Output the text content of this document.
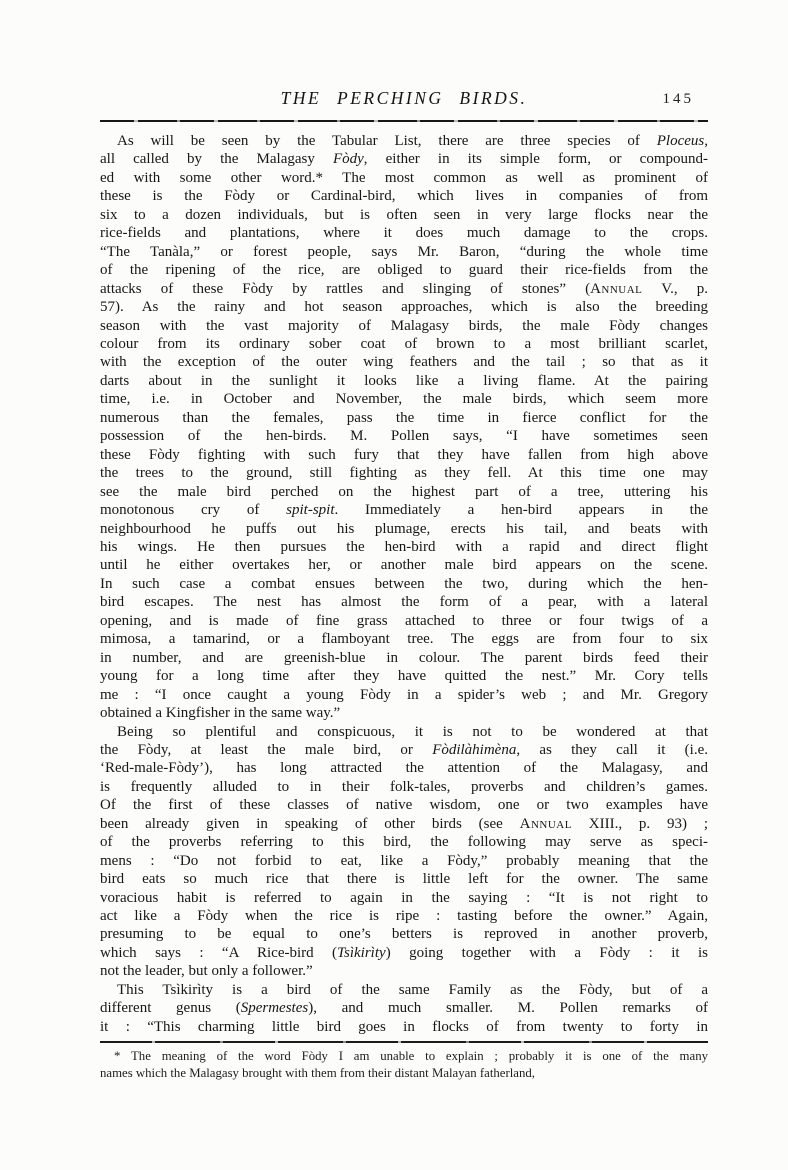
THE PERCHING BIRDS.	145
As will be seen by the Tabular List, there are three species of Ploceus,
all called by the Malagasy Fòdy, either in its simple form, or compound-
ed with some other word.* The most common as well as prominent of
these is the Fòdy or Cardinal-bird, which lives in companies of from
six to a dozen individuals, but is often seen in very large flocks near the
rice-fields and plantations, where it does much damage to the crops.
“The Tanàla,” or forest people, says Mr. Baron, “during the whole time
of the ripening of the rice, are obliged to guard their rice-fields from the
attacks of these Fòdy by rattles and slinging of stones” (Annual V., p.
57). As the rainy and hot season approaches, which is also the breeding
season with the vast majority of Malagasy birds, the male Fòdy changes
colour from its ordinary sober coat of brown to a most brilliant scarlet,
with the exception of the outer wing feathers and the tail ; so that as it
darts about in the sunlight it looks like a living flame. At the pairing
time, i.e. in October and November, the male birds, which seem more
numerous than the females, pass the time in fierce conflict for the
possession of the hen-birds. M. Pollen says, “I have sometimes seen
these Fòdy fighting with such fury that they have fallen from high above
the trees to the ground, still fighting as they fell. At this time one may
see the male bird perched on the highest part of a tree, uttering his
monotonous cry of spit-spit. Immediately a hen-bird appears in the
neighbourhood he puffs out his plumage, erects his tail, and beats with
his wings. He then pursues the hen-bird with a rapid and direct flight
until he either overtakes her, or another male bird appears on the scene.
In such case a combat ensues between the two, during which the hen-
bird escapes. The nest has almost the form of a pear, with a lateral
opening, and is made of fine grass attached to three or four twigs of a
mimosa, a tamarind, or a flamboyant tree. The eggs are from four to six
in number, and are greenish-blue in colour. The parent birds feed their
young for a long time after they have quitted the nest.” Mr. Cory tells
me : “I once caught a young Fòdy in a spider’s web ; and Mr. Gregory
obtained a Kingfisher in the same way.”
Being so plentiful and conspicuous, it is not to be wondered at that
the Fòdy, at least the male bird, or Fòdilàhimèna, as they call it (i.e.
‘Red-male-Fòdy’), has long attracted the attention of the Malagasy, and
is frequently alluded to in their folk-tales, proverbs and children’s games.
Of the first of these classes of native wisdom, one or two examples have
been already given in speaking of other birds (see Annual XIII., p. 93) ;
of the proverbs referring to this bird, the following may serve as speci-
mens : “Do not forbid to eat, like a Fòdy,” probably meaning that the
bird eats so much rice that there is little left for the owner. The same
voracious habit is referred to again in the saying : “It is not right to
act like a Fòdy when the rice is ripe : tasting before the owner.” Again,
presuming to be equal to one’s betters is reproved in another proverb,
which says : “A Rice-bird (Tsìkirìty) going together with a Fòdy : it is
not the leader, but only a follower.”
This Tsìkirìty is a bird of the same Family as the Fòdy, but of a
different genus (Spermestes), and much smaller. M. Pollen remarks of
it : “This charming little bird goes in flocks of from twenty to forty in
* The meaning of the word Fòdy I am unable to explain ; probably it is one of the many
names which the Malagasy brought with them from their distant Malayan fatherland,
